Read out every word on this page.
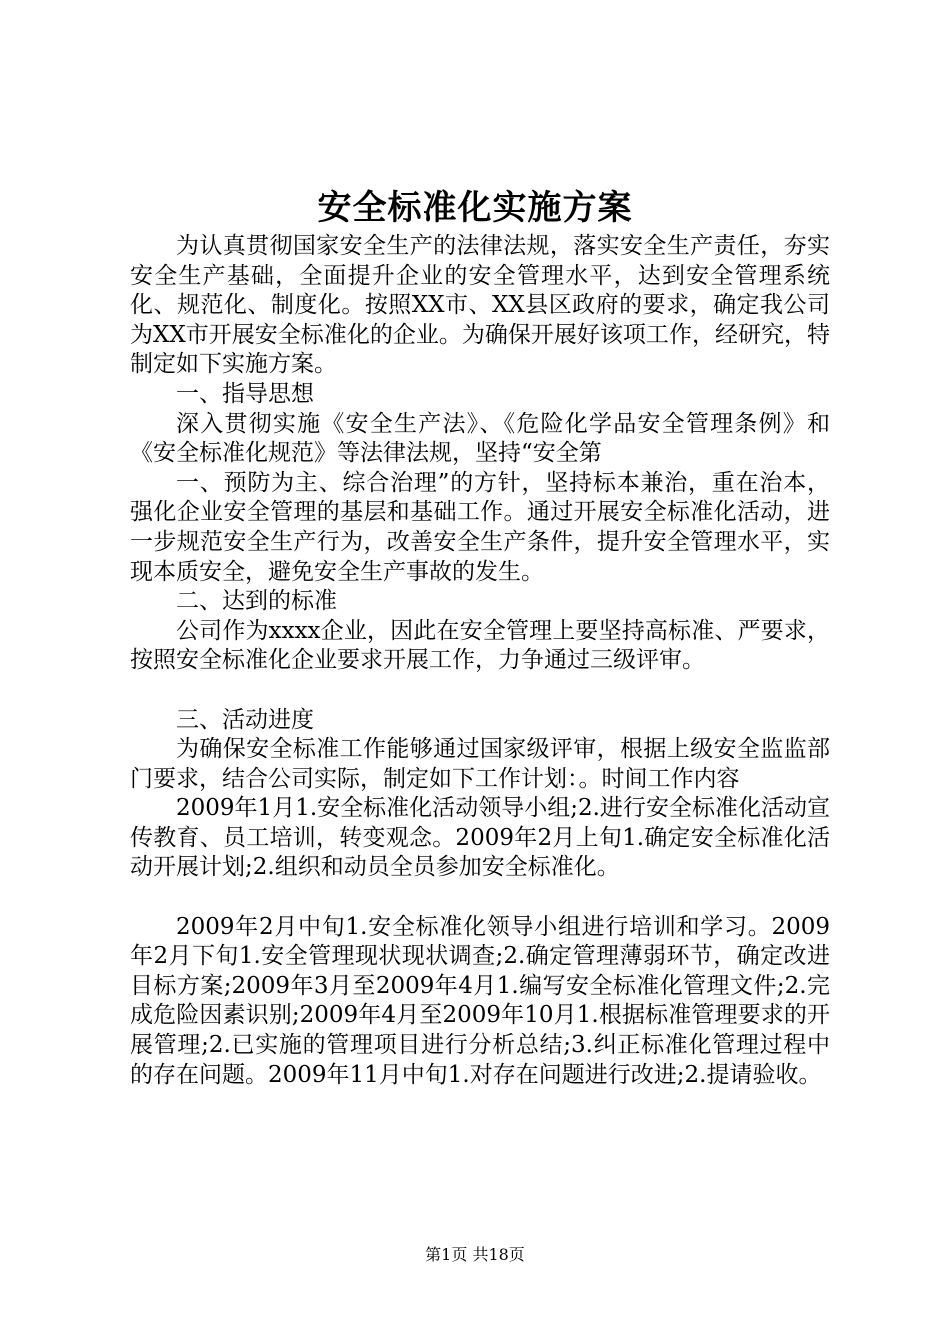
安全标准化实施方案

为认真贯彻国家安全生产的法律法规，落实安全生产责任，夯实安全生产基础，全面提升企业的安全管理水平，达到安全管理系统化、规范化、制度化。按照XX市、XX县区政府的要求，确定我公司为XX市开展安全标准化的企业。为确保开展好该项工作，经研究，特制定如下实施方案。

一、指导思想

深入贯彻实施《安全生产法》、《危险化学品安全管理条例》和《安全标准化规范》等法律法规，坚持“安全第

一、预防为主、综合治理”的方针，坚持标本兼治，重在治本，强化企业安全管理的基层和基础工作。通过开展安全标准化活动，进一步规范安全生产行为，改善安全生产条件，提升安全管理水平，实现本质安全，避免安全生产事故的发生。

二、达到的标准

公司作为xxxx企业，因此在安全管理上要坚持高标准、严要求，按照安全标准化企业要求开展工作，力争通过三级评审。

三、活动进度

为确保安全标准工作能够通过国家级评审，根据上级安全监监部门要求，结合公司实际，制定如下工作计划：。时间工作内容

2009年1月1.安全标准化活动领导小组;2.进行安全标准化活动宣传教育、员工培训，转变观念。2009年2月上旬1.确定安全标准化活动开展计划;2.组织和动员全员参加安全标准化。

2009年2月中旬1.安全标准化领导小组进行培训和学习。2009年2月下旬1.安全管理现状现状调查;2.确定管理薄弱环节，确定改进目标方案;2009年3月至2009年4月1.编写安全标准化管理文件;2.完成危险因素识别;2009年4月至2009年10月1.根据标准管理要求的开展管理;2.已实施的管理项目进行分析总结;3.纠正标准化管理过程中的存在问题。2009年11月中旬1.对存在问题进行改进;2.提请验收。

第1页 共18页
